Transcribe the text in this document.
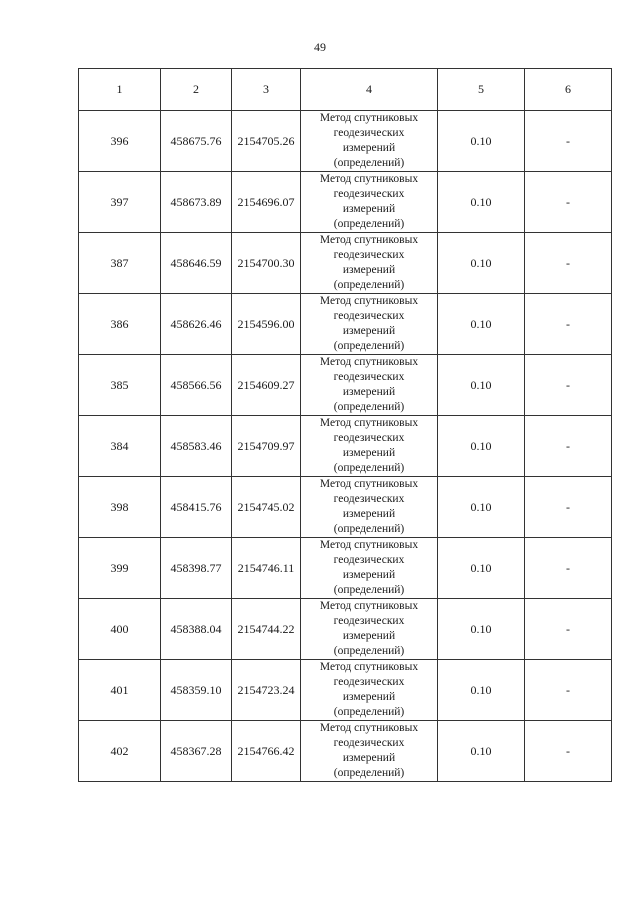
49
1	2	3	4	5	6
396	458675.76	2154705.26	Метод спутниковых
геодезических
измерений
(определений)	0.10	-
397	458673.89	2154696.07	Метод спутниковых
геодезических
измерений
(определений)	0.10	-
387	458646.59	2154700.30	Метод спутниковых
геодезических
измерений
(определений)	0.10	-
386	458626.46	2154596.00	Метод спутниковых
геодезических
измерений
(определений)	0.10	-
385	458566.56	2154609.27	Метод спутниковых
геодезических
измерений
(определений)	0.10	-
384	458583.46	2154709.97	Метод спутниковых
геодезических
измерений
(определений)	0.10	-
398	458415.76	2154745.02	Метод спутниковых
геодезических
измерений
(определений)	0.10	-
399	458398.77	2154746.11	Метод спутниковых
геодезических
измерений
(определений)	0.10	-
400	458388.04	2154744.22	Метод спутниковых
геодезических
измерений
(определений)	0.10	-
401	458359.10	2154723.24	Метод спутниковых
геодезических
измерений
(определений)	0.10	-
402	458367.28	2154766.42	Метод спутниковых
геодезических
измерений
(определений)	0.10	-
